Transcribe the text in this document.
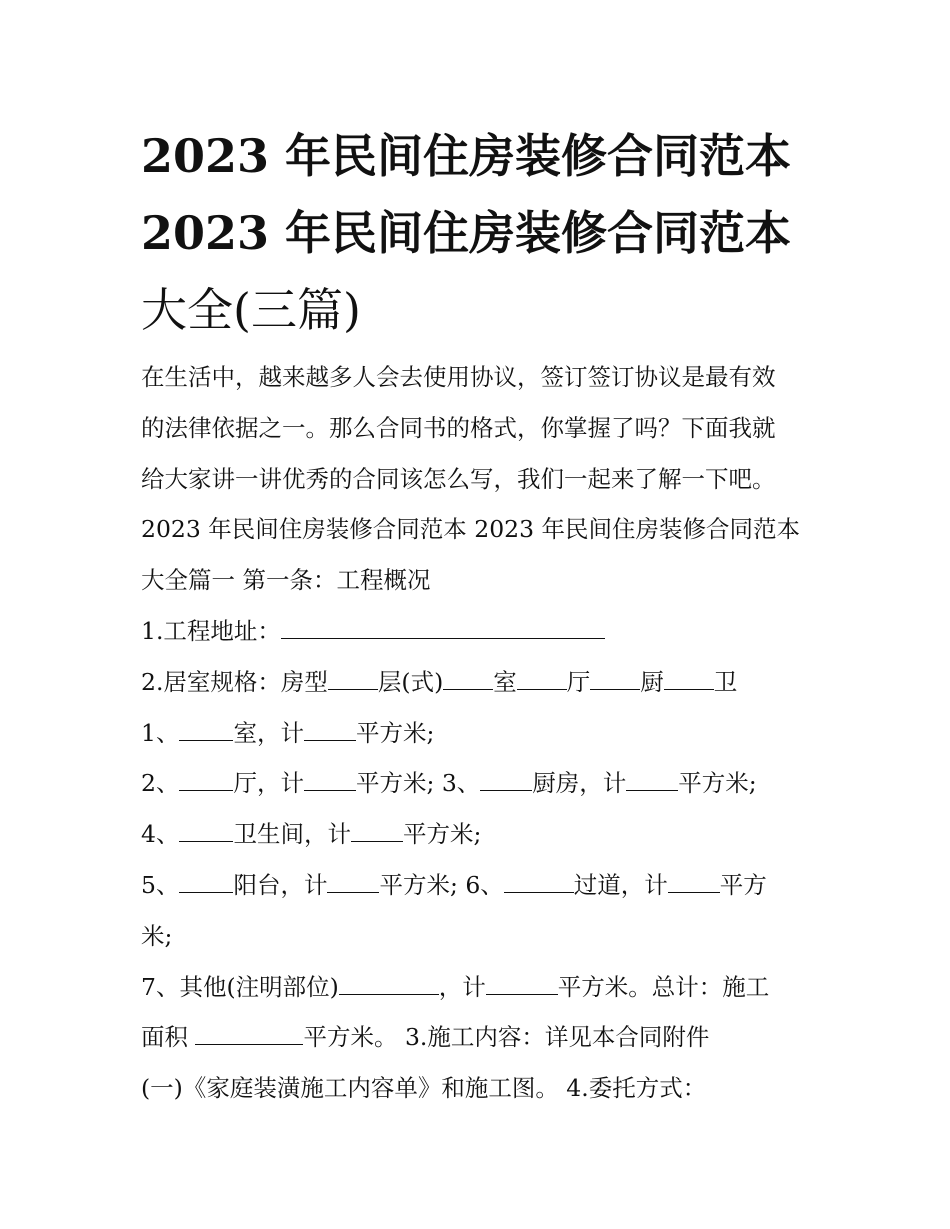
2023 年民间住房装修合同范本
2023 年民间住房装修合同范本
大全(三篇)
在生活中，越来越多人会去使用协议，签订签订协议是最有效
的法律依据之一。那么合同书的格式，你掌握了吗？下面我就
给大家讲一讲优秀的合同该怎么写，我们一起来了解一下吧。
2023 年民间住房装修合同范本 2023 年民间住房装修合同范本
大全篇一 第一条：工程概况
1.工程地址：
2.居室规格：房型 层(式) 室 厅 厨 卫
1、 室，计 平方米;
2、 厅，计 平方米; 3、 厨房，计 平方米;
4、 卫生间，计 平方米;
5、 阳台，计 平方米; 6、	过道，计 平方
米;
7、其他(注明部位)	，计	平方米。总计：施工
面积	平方米。 3.施工内容：详见本合同附件
(一)《家庭装潢施工内容单》和施工图。 4.委托方式：
